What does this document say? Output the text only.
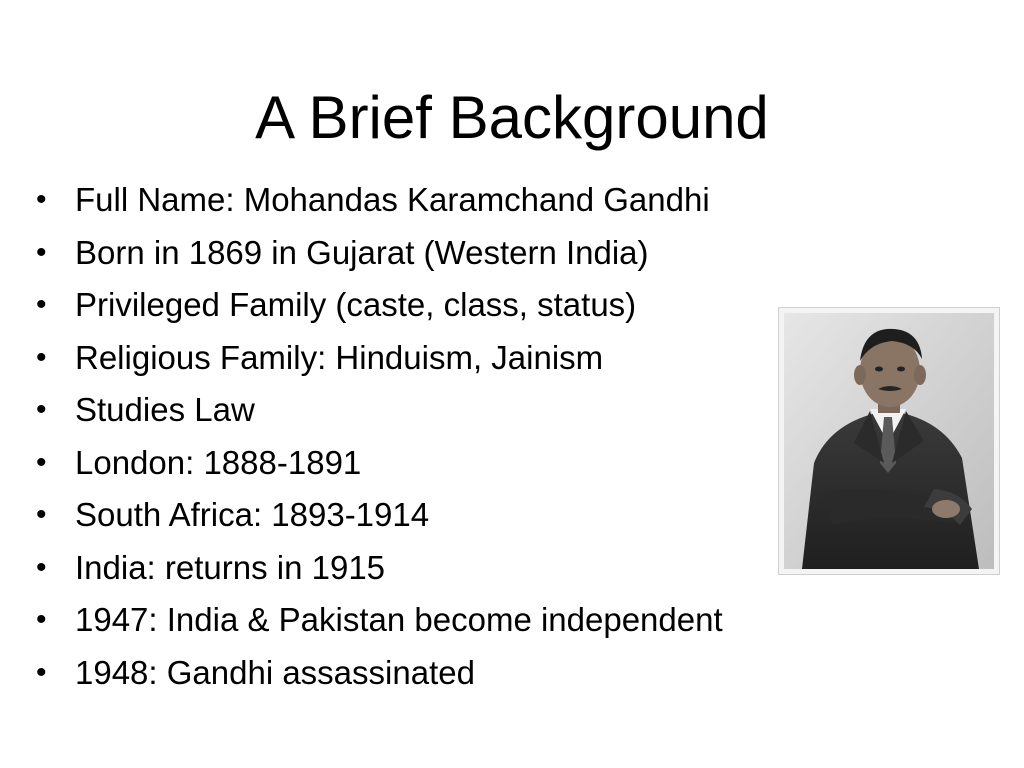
A Brief Background
• Full Name: Mohandas Karamchand Gandhi
• Born in 1869 in Gujarat (Western India)
• Privileged Family (caste, class, status)
• Religious Family: Hinduism, Jainism
• Studies Law
• London: 1888-1891
• South Africa: 1893-1914
• India: returns in 1915
• 1947: India & Pakistan become independent
• 1948: Gandhi assassinated
